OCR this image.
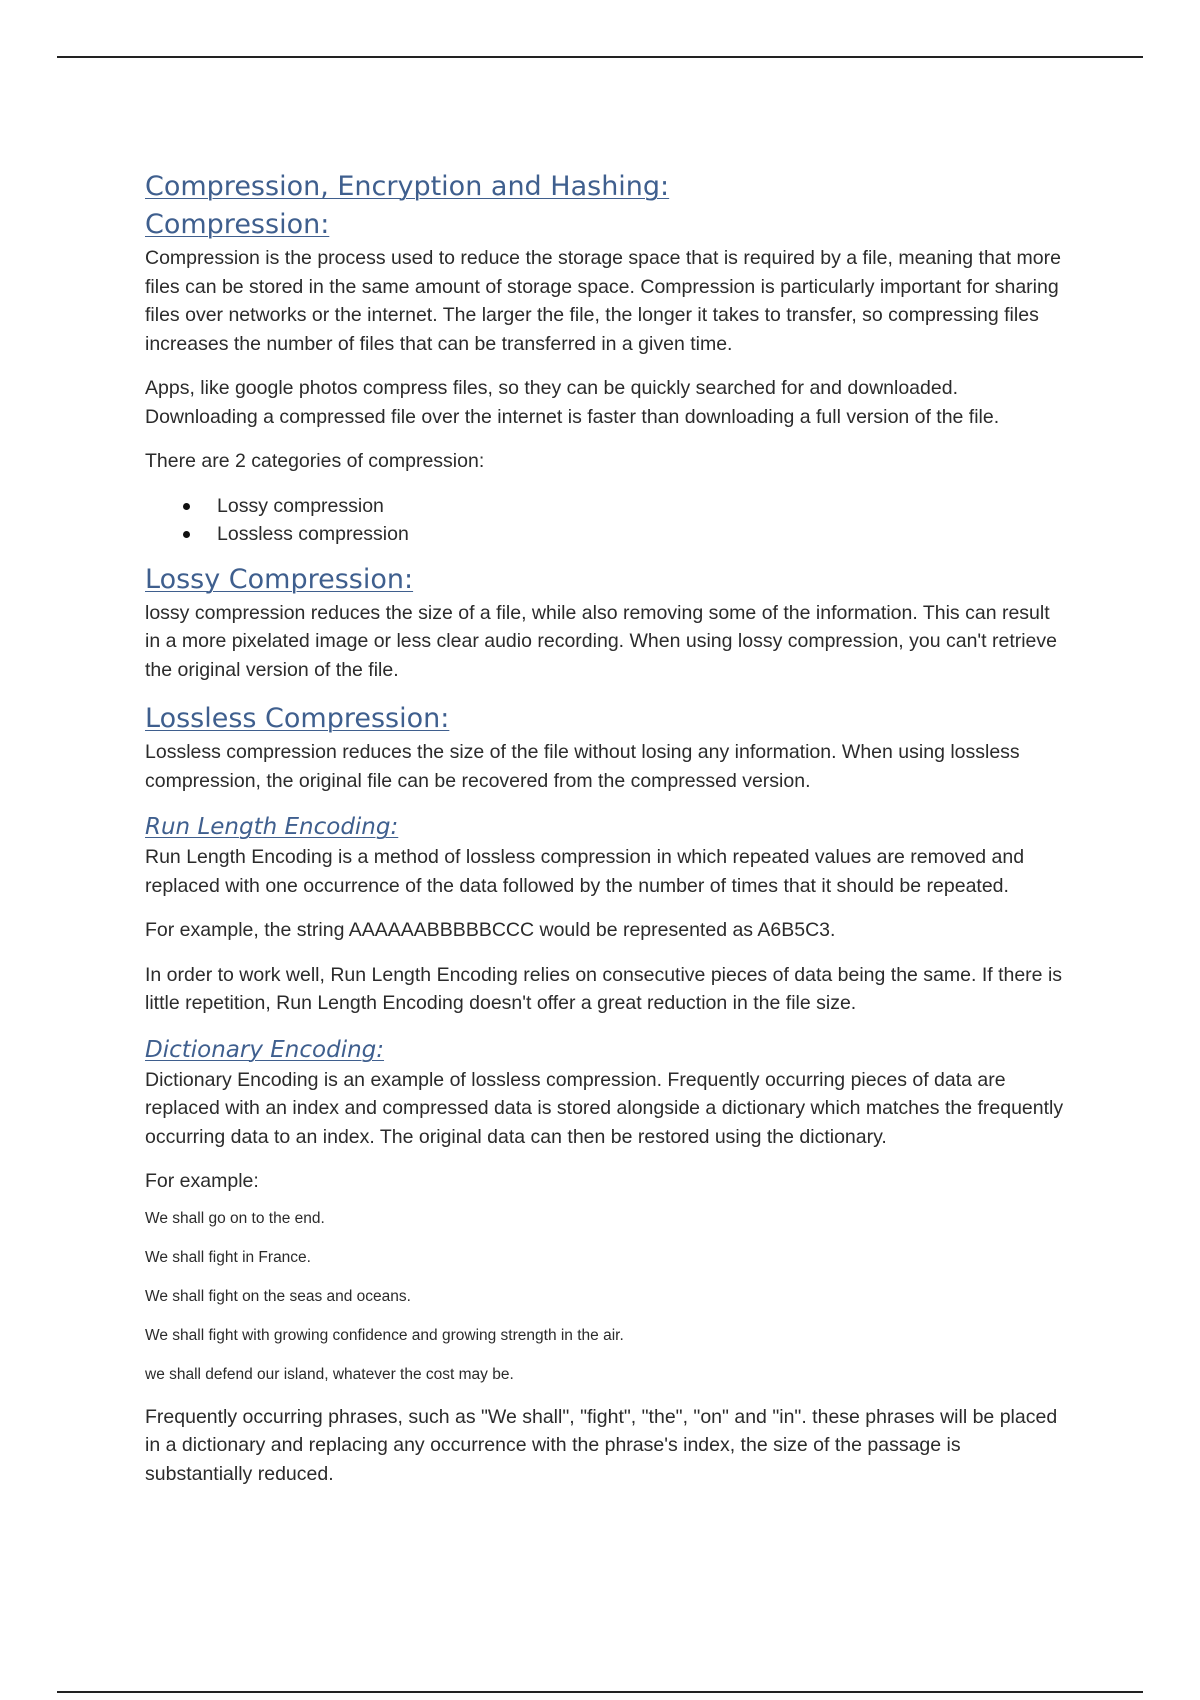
Compression, Encryption and Hashing:
Compression:

Compression is the process used to reduce the storage space that is required by a file, meaning that more files can be stored in the same amount of storage space. Compression is particularly important for sharing files over networks or the internet. The larger the file, the longer it takes to transfer, so compressing files increases the number of files that can be transferred in a given time.

Apps, like google photos compress files, so they can be quickly searched for and downloaded. Downloading a compressed file over the internet is faster than downloading a full version of the file.

There are 2 categories of compression:

Lossy compression
Lossless compression
Lossy Compression:

lossy compression reduces the size of a file, while also removing some of the information. This can result in a more pixelated image or less clear audio recording. When using lossy compression, you can't retrieve the original version of the file.

Lossless Compression:

Lossless compression reduces the size of the file without losing any information. When using lossless compression, the original file can be recovered from the compressed version.

Run Length Encoding:

Run Length Encoding is a method of lossless compression in which repeated values are removed and replaced with one occurrence of the data followed by the number of times that it should be repeated.

For example, the string AAAAAABBBBBCCC would be represented as A6B5C3.

In order to work well, Run Length Encoding relies on consecutive pieces of data being the same. If there is little repetition, Run Length Encoding doesn't offer a great reduction in the file size.

Dictionary Encoding:

Dictionary Encoding is an example of lossless compression. Frequently occurring pieces of data are replaced with an index and compressed data is stored alongside a dictionary which matches the frequently occurring data to an index. The original data can then be restored using the dictionary.

For example:

We shall go on to the end.

We shall fight in France.

We shall fight on the seas and oceans.

We shall fight with growing confidence and growing strength in the air.

we shall defend our island, whatever the cost may be.

Frequently occurring phrases, such as "We shall", "fight", "the", "on" and "in". these phrases will be placed in a dictionary and replacing any occurrence with the phrase's index, the size of the passage is substantially reduced.
